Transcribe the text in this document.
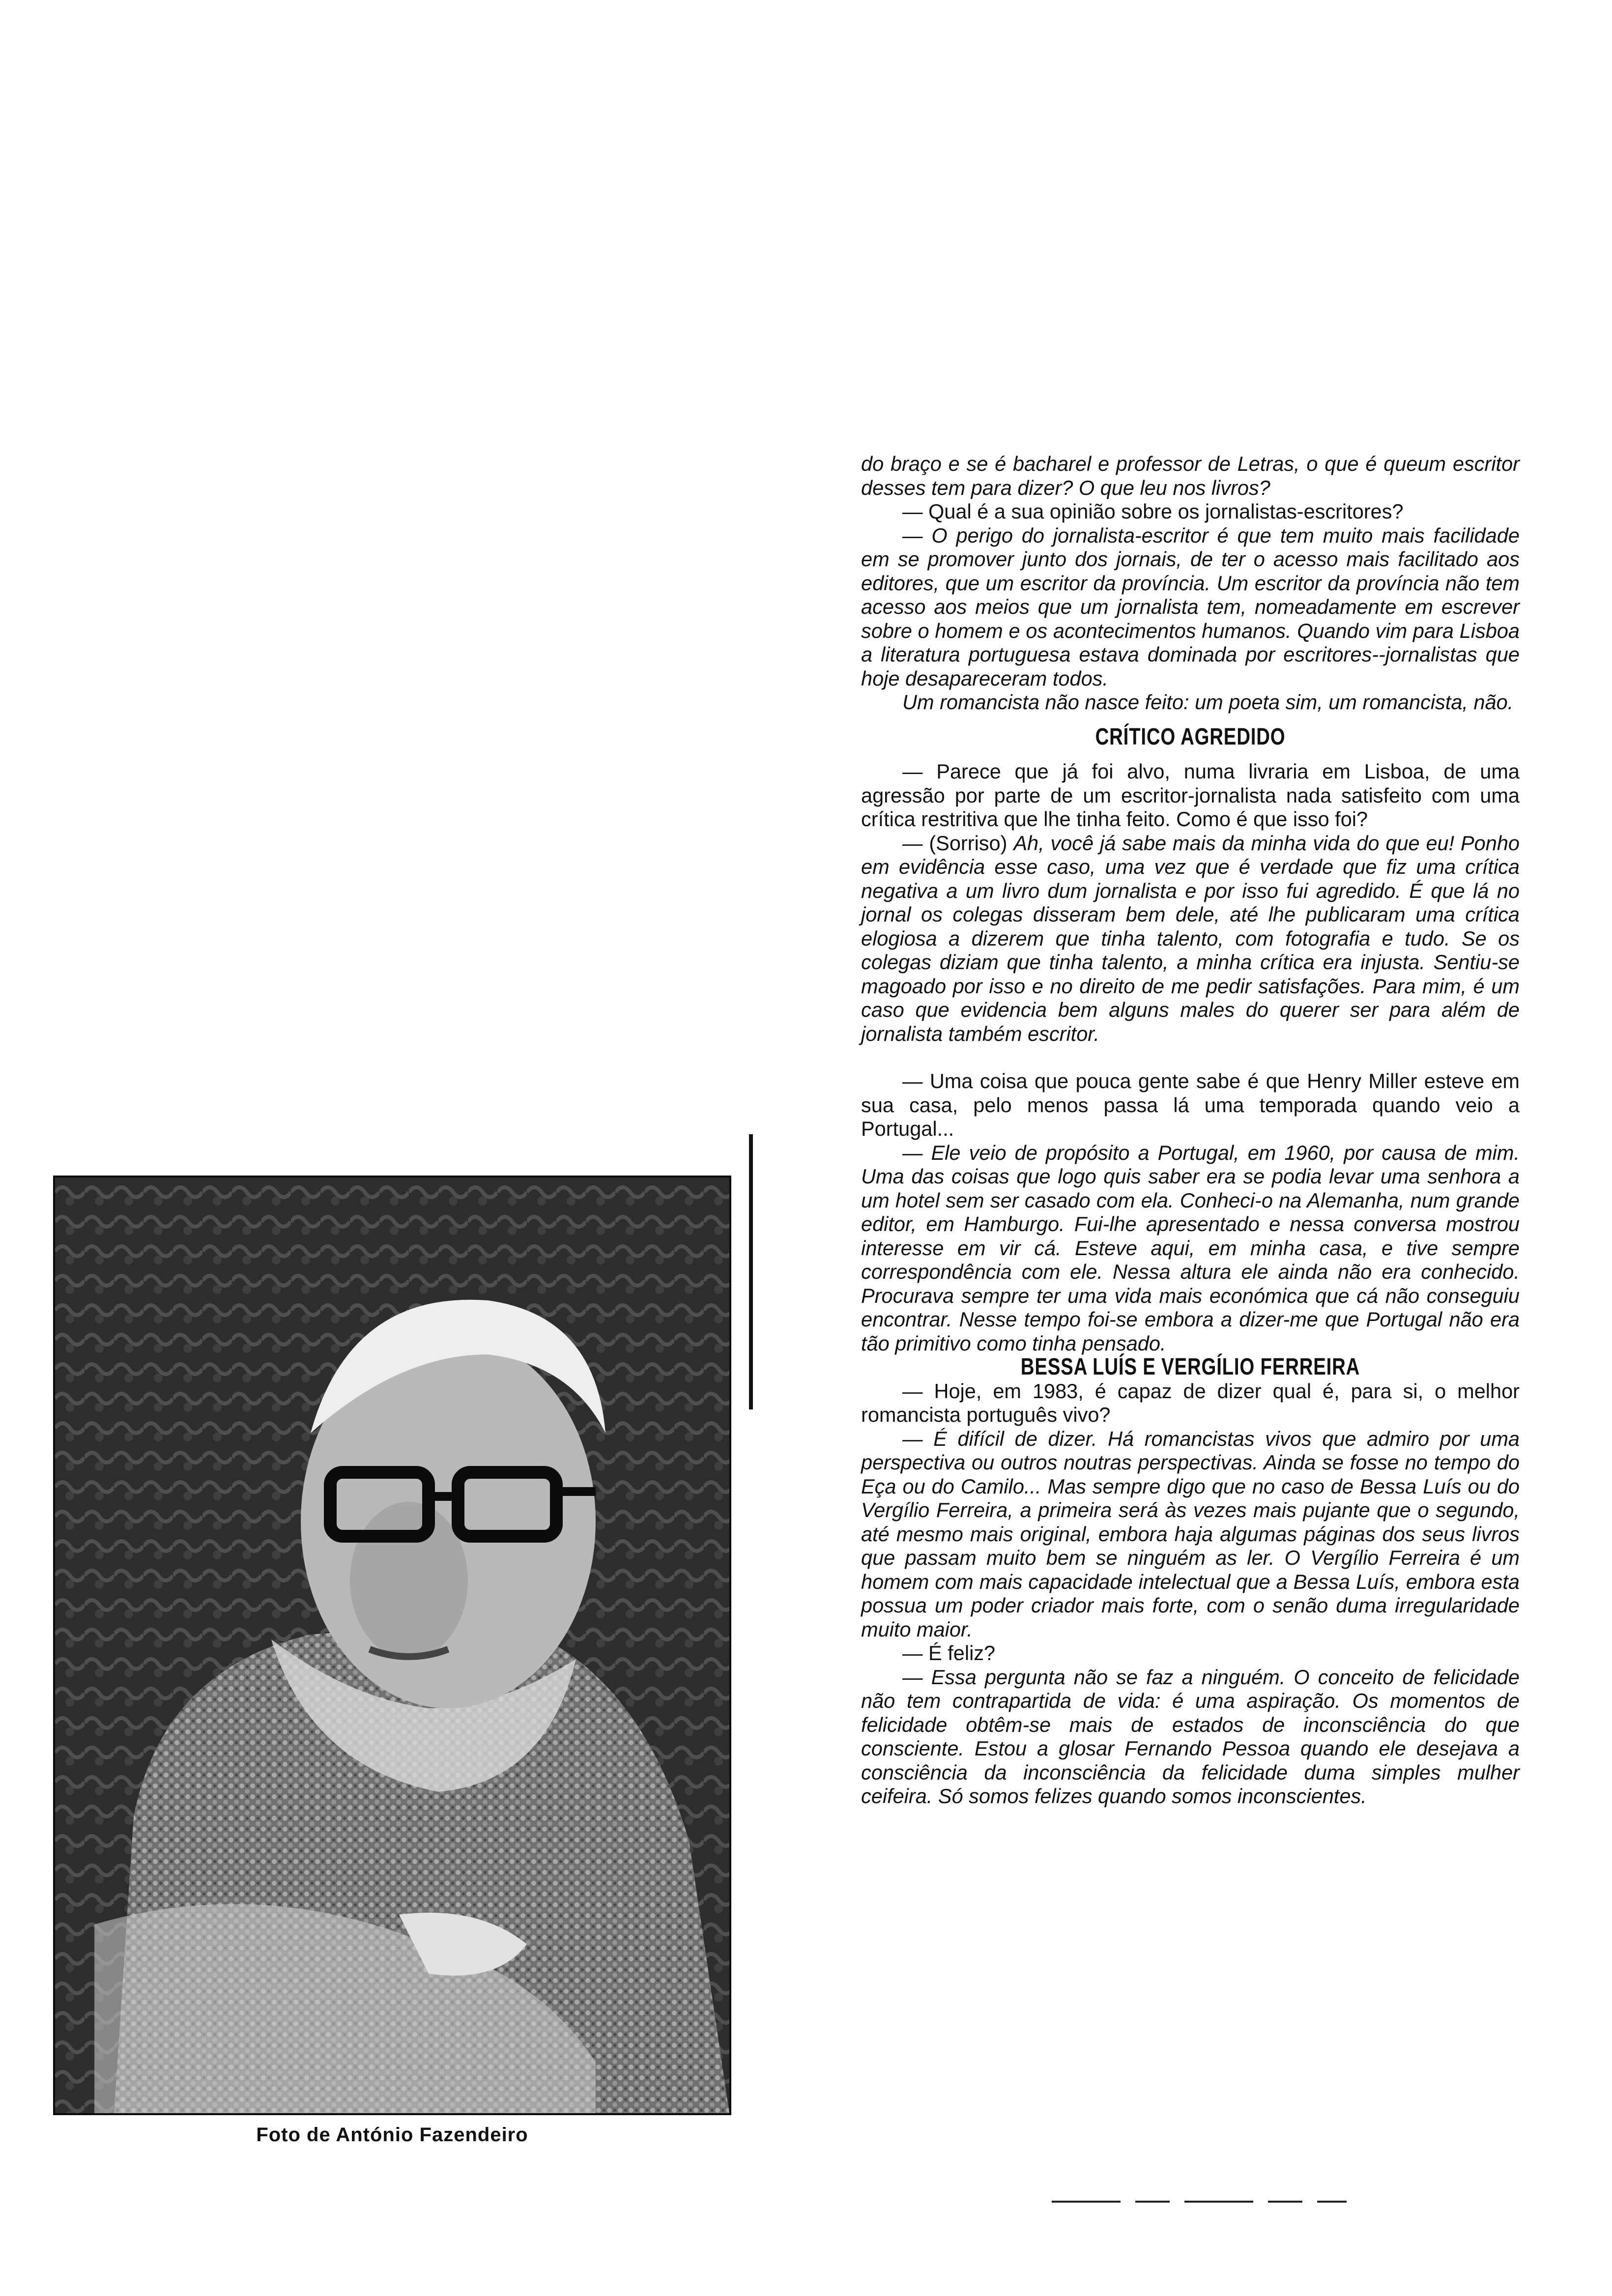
Foto de António Fazendeiro

do braço e se é bacharel e professor de Letras, o que é queum escritor desses tem para dizer? O que leu nos livros?

— Qual é a sua opinião sobre os jornalistas-escritores?

— O perigo do jornalista-escritor é que tem muito mais facilidade em se promover junto dos jornais, de ter o acesso mais facilitado aos editores, que um escritor da província. Um escritor da província não tem acesso aos meios que um jornalista tem, nomeadamente em escrever sobre o homem e os acontecimentos humanos. Quando vim para Lisboa a literatura portuguesa estava dominada por escritores--jornalistas que hoje desapareceram todos.

Um romancista não nasce feito: um poeta sim, um romancista, não.

CRÍTICO AGREDIDO

— Parece que já foi alvo, numa livraria em Lisboa, de uma agressão por parte de um escritor-jornalista nada satisfeito com uma crítica restritiva que lhe tinha feito. Como é que isso foi?

— (Sorriso) Ah, você já sabe mais da minha vida do que eu! Ponho em evidência esse caso, uma vez que é verdade que fiz uma crítica negativa a um livro dum jornalista e por isso fui agredido. É que lá no jornal os colegas disseram bem dele, até lhe publicaram uma crítica elogiosa a dizerem que tinha talento, com fotografia e tudo. Se os colegas diziam que tinha talento, a minha crítica era injusta. Sentiu-se magoado por isso e no direito de me pedir satisfações. Para mim, é um caso que evidencia bem alguns males do querer ser para além de jornalista também escritor.

— Uma coisa que pouca gente sabe é que Henry Miller esteve em sua casa, pelo menos passa lá uma temporada quando veio a Portugal...

— Ele veio de propósito a Portugal, em 1960, por causa de mim. Uma das coisas que logo quis saber era se podia levar uma senhora a um hotel sem ser casado com ela. Conheci-o na Alemanha, num grande editor, em Hamburgo. Fui-lhe apresentado e nessa conversa mostrou interesse em vir cá. Esteve aqui, em minha casa, e tive sempre correspondência com ele. Nessa altura ele ainda não era conhecido. Procurava sempre ter uma vida mais económica que cá não conseguiu encontrar. Nesse tempo foi-se embora a dizer-me que Portugal não era tão primitivo como tinha pensado.

BESSA LUÍS E VERGÍLIO FERREIRA

— Hoje, em 1983, é capaz de dizer qual é, para si, o melhor romancista português vivo?

— É difícil de dizer. Há romancistas vivos que admiro por uma perspectiva ou outros noutras perspectivas. Ainda se fosse no tempo do Eça ou do Camilo... Mas sempre digo que no caso de Bessa Luís ou do Vergílio Ferreira, a primeira será às vezes mais pujante que o segundo, até mesmo mais original, embora haja algumas páginas dos seus livros que passam muito bem se ninguém as ler. O Vergílio Ferreira é um homem com mais capacidade intelectual que a Bessa Luís, embora esta possua um poder criador mais forte, com o senão duma irregularidade muito maior.

— É feliz?

— Essa pergunta não se faz a ninguém. O conceito de felicidade não tem contrapartida de vida: é uma aspiração. Os momentos de felicidade obtêm-se mais de estados de inconsciência do que consciente. Estou a glosar Fernando Pessoa quando ele desejava a consciência da inconsciência da felicidade duma simples mulher ceifeira. Só somos felizes quando somos inconscientes.
